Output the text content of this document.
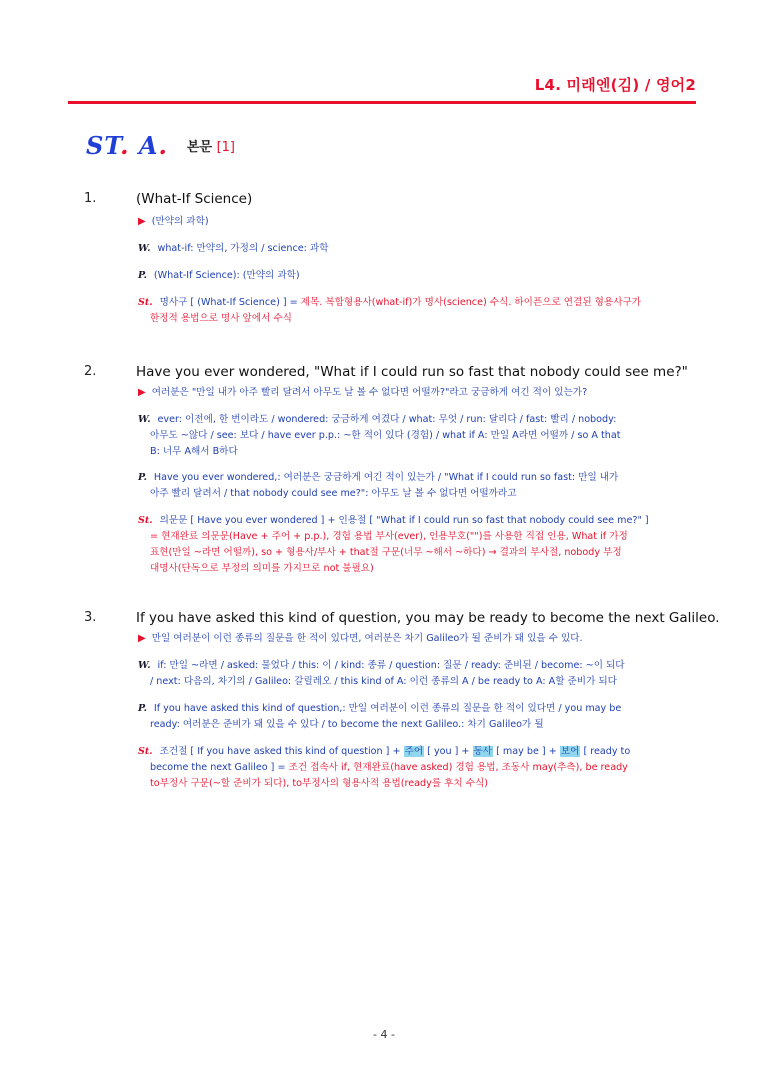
L4. 미래엔(김) / 영어2
ST. A. 본문 [1]
1.	(What-If Science)
▶ (만약의 과학)
W. what-if: 만약의, 가정의 / science: 과학
P. (What-If Science): (만약의 과학)
St. 명사구 [ (What-If Science) ] = 제목. 복합형용사(what-if)가 명사(science) 수식. 하이픈으로 연결된 형용사구가
한정적 용법으로 명사 앞에서 수식
2.	Have you ever wondered, "What if I could run so fast that nobody could see me?"
▶ 여러분은 "만일 내가 아주 빨리 달려서 아무도 날 볼 수 없다면 어떨까?"라고 궁금하게 여긴 적이 있는가?
W. ever: 이전에, 한 번이라도 / wondered: 궁금하게 여겼다 / what: 무엇 / run: 달리다 / fast: 빨리 / nobody:
아무도 ~않다 / see: 보다 / have ever p.p.: ~한 적이 있다 (경험) / what if A: 만일 A라면 어떨까 / so A that
B: 너무 A해서 B하다
P. Have you ever wondered,: 여러분은 궁금하게 여긴 적이 있는가 / "What if I could run so fast: 만일 내가
아주 빨리 달려서 / that nobody could see me?": 아무도 날 볼 수 없다면 어떨까라고
St. 의문문 [ Have you ever wondered ] + 인용절 [ "What if I could run so fast that nobody could see me?" ]
= 현재완료 의문문(Have + 주어 + p.p.), 경험 용법 부사(ever), 인용부호("")를 사용한 직접 인용, What if 가정
표현(만일 ~라면 어떨까), so + 형용사/부사 + that절 구문(너무 ~해서 ~하다) → 결과의 부사절, nobody 부정
대명사(단독으로 부정의 의미를 가지므로 not 불필요)
3.	If you have asked this kind of question, you may be ready to become the next Galileo.
▶ 만일 여러분이 이런 종류의 질문을 한 적이 있다면, 여러분은 차기 Galileo가 될 준비가 돼 있을 수 있다.
W. if: 만일 ~라면 / asked: 물었다 / this: 이 / kind: 종류 / question: 질문 / ready: 준비된 / become: ~이 되다
/ next: 다음의, 차기의 / Galileo: 갈릴레오 / this kind of A: 이런 종류의 A / be ready to A: A할 준비가 되다
P. If you have asked this kind of question,: 만일 여러분이 이런 종류의 질문을 한 적이 있다면 / you may be
ready: 여러분은 준비가 돼 있을 수 있다 / to become the next Galileo.: 차기 Galileo가 될
St. 조건절 [ If you have asked this kind of question ] + 주어 [ you ] + 동사 [ may be ] + 보어 [ ready to
become the next Galileo ] = 조건 접속사 if, 현재완료(have asked) 경험 용법, 조동사 may(추측), be ready
to부정사 구문(~할 준비가 되다), to부정사의 형용사적 용법(ready를 후치 수식)
- 4 -
